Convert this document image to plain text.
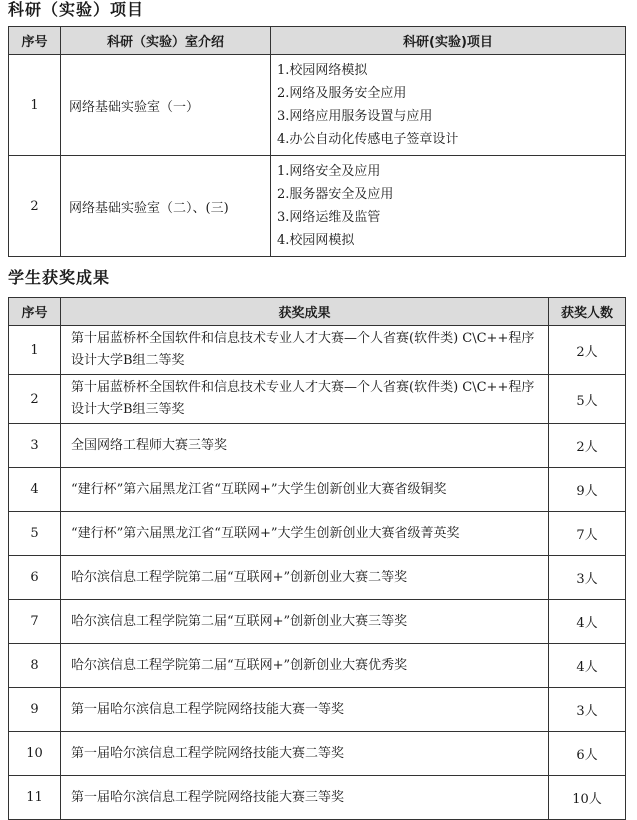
科研（实验）项目
序号	科研（实验）室介绍	科研(实验)项目
1	网络基础实验室（一）	1.校园网络模拟
2.网络及服务安全应用
3.网络应用服务设置与应用
4.办公自动化传感电子签章设计

2	网络基础实验室（二）、(三)	1.网络安全及应用
2.服务器安全及应用
3.网络运维及监管
4.校园网模拟
学生获奖成果
序号	获奖成果	获奖人数
1	第十届蓝桥杯全国软件和信息技术专业人才大赛—个人省赛(软件类) C\C++程序设计大学B组二等奖	2人
2	第十届蓝桥杯全国软件和信息技术专业人才大赛—个人省赛(软件类) C\C++程序设计大学B组三等奖	5人
3	全国网络工程师大赛三等奖	2人
4	“建行杯”第六届黑龙江省“互联网+”大学生创新创业大赛省级铜奖	9人
5	“建行杯”第六届黑龙江省“互联网+”大学生创新创业大赛省级菁英奖	7人
6	哈尔滨信息工程学院第二届“互联网+”创新创业大赛二等奖	3人
7	哈尔滨信息工程学院第二届“互联网+”创新创业大赛三等奖	4人
8	哈尔滨信息工程学院第二届“互联网+”创新创业大赛优秀奖	4人
9	第一届哈尔滨信息工程学院网络技能大赛一等奖	3人
10	第一届哈尔滨信息工程学院网络技能大赛二等奖	6人
11	第一届哈尔滨信息工程学院网络技能大赛三等奖	10人
